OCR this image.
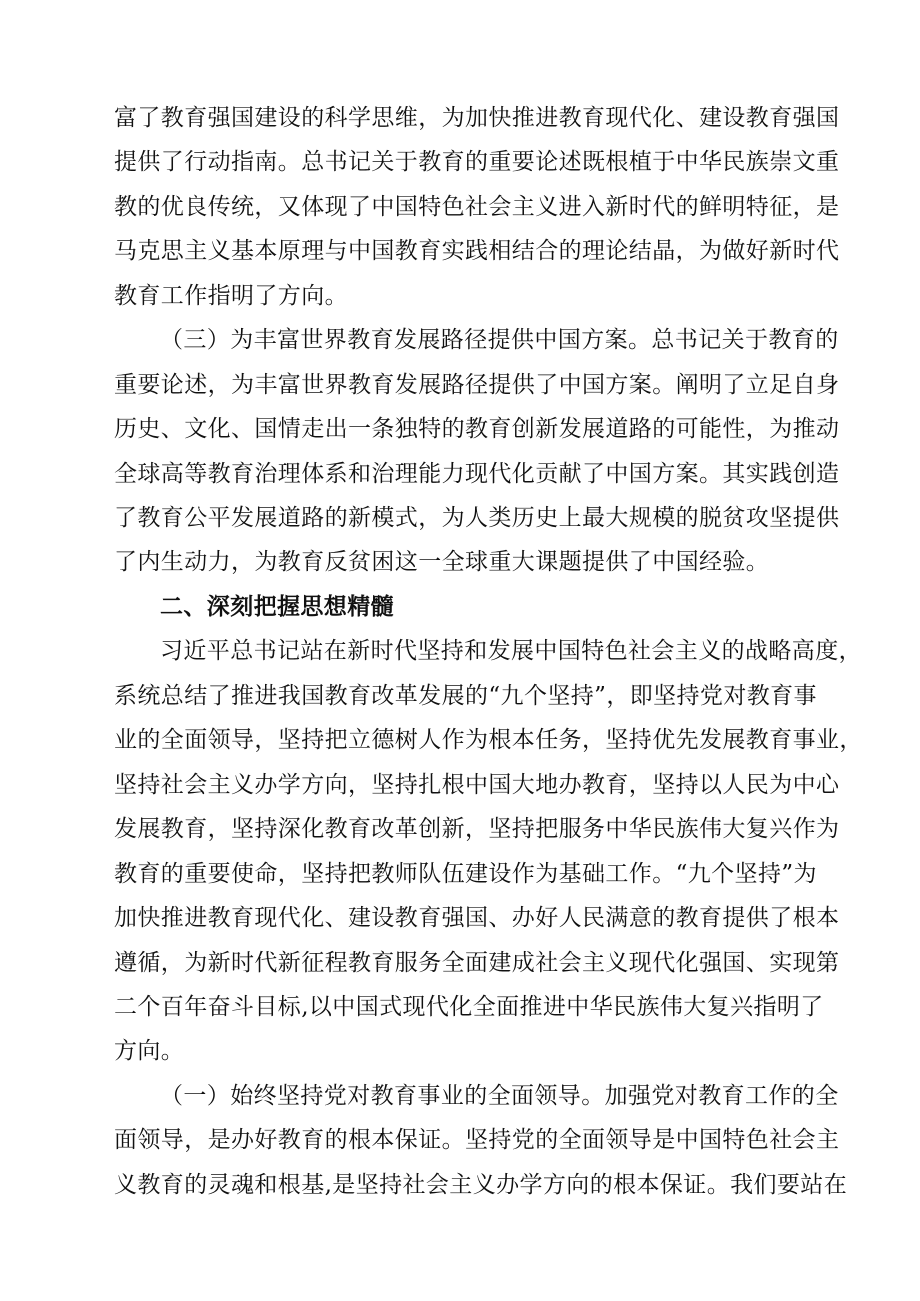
富了教育强国建设的科学思维，为加快推进教育现代化、建设教育强国
提供了行动指南。总书记关于教育的重要论述既根植于中华民族崇文重
教的优良传统，又体现了中国特色社会主义进入新时代的鲜明特征，是
马克思主义基本原理与中国教育实践相结合的理论结晶，为做好新时代
教育工作指明了方向。
（三）为丰富世界教育发展路径提供中国方案。总书记关于教育的
重要论述，为丰富世界教育发展路径提供了中国方案。阐明了立足自身
历史、文化、国情走出一条独特的教育创新发展道路的可能性，为推动
全球高等教育治理体系和治理能力现代化贡献了中国方案。其实践创造
了教育公平发展道路的新模式，为人类历史上最大规模的脱贫攻坚提供
了内生动力，为教育反贫困这一全球重大课题提供了中国经验。
二、深刻把握思想精髓
习近平总书记站在新时代坚持和发展中国特色社会主义的战略高度，
系统总结了推进我国教育改革发展的“九个坚持”，即坚持党对教育事
业的全面领导，坚持把立德树人作为根本任务，坚持优先发展教育事业，
坚持社会主义办学方向，坚持扎根中国大地办教育，坚持以人民为中心
发展教育，坚持深化教育改革创新，坚持把服务中华民族伟大复兴作为
教育的重要使命，坚持把教师队伍建设作为基础工作。“九个坚持”为
加快推进教育现代化、建设教育强国、办好人民满意的教育提供了根本
遵循，为新时代新征程教育服务全面建成社会主义现代化强国、实现第
二个百年奋斗目标,以中国式现代化全面推进中华民族伟大复兴指明了
方向。
（一）始终坚持党对教育事业的全面领导。加强党对教育工作的全
面领导，是办好教育的根本保证。坚持党的全面领导是中国特色社会主
义教育的灵魂和根基,是坚持社会主义办学方向的根本保证。我们要站在
